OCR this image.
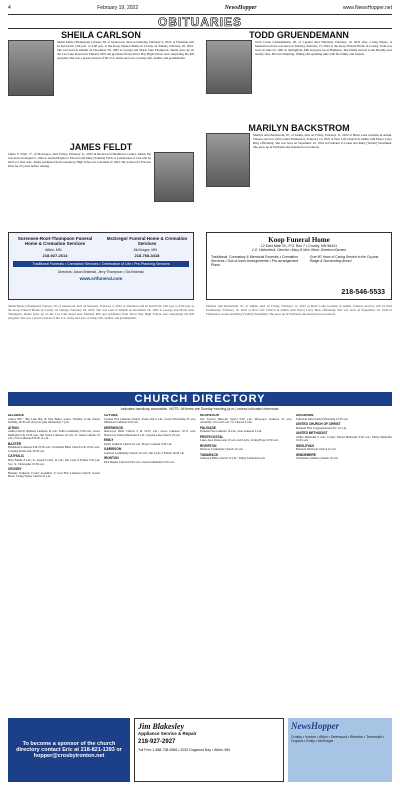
4	February 19, 2022	NewsHopper	www.NewsHopper.net
OBITUARIES
SHEILA CARLSON
Sheila Marie (Thompson) Carlson, 58, of Glenwood, died on Saturday, February 2, 2022. A Visitation will be held from 1:00 p.m. to 4:00 p.m. at the Koop Funeral Home in Crosby on Sunday, February 20, 2022. She was born in Duluth on December 29, 1963 to George and Marie June Thompson. Sheila grew up on the Lax Lake Road near Finland, MN and graduated from Silver Bay High School and completing the RN program. She was a proud veteran of the U.S. Army and was a loving wife, mother and grandmother.
TODD GRUENDEMANN
Todd Curtis Gruendemann, 60, of Cuyuna died Thursday, February 10, 2022 after a long illness. A Memorial service was held on Tuesday, February 15, 2022 at the Koop Funeral Home in Crosby. Todd was born on June 23, 1961 in Springfield, MN and grew up in Hampton. The family moved to the Hasting area shortly after. He loved hunting, fishing and spending time with his family and friends.
JAMES FELDT
James V. Feldt, 77, of McGregor, died Friday, February 11, 2022 in Riverwood Healthcare Center, Aitkin. He was born on August 5, 1944 to Gerald Rajala to Edward and Mary (Schultz) Feldt. A Celebration of Life will be held at a later date. James graduated from Greenway High School in Coleraine in 1962. He worked for Electric Data for 25 years before retiring.
MARILYN BACKSTROM
Marilyn Ann Backstrom, 87, of Aitkin, died on Friday, February 11, 2022 at Heart Lake Gardens in Aitkin. Funeral services will be held Wednesday, February 16, 2022 at New Life Church in Aitkin with Pastor Larry Berg officiating. She was born on September 16, 1934 in Faribault to Lenas and Ruby (Vollen) Strommen. She grew up in Faribault and attended local schools.
Sorensen-Root-Thompson Funeral Home & Cremation Services
McGregor Funeral Home & Cremation Services
Aitkin, MN	McGregor, MN
218-927-2614	218-768-3418
Traditional Funerals • Cremation Services • Celebration of Life • Pre-Planning Services
Directors: Jason Brizinski, Jerry Thompson • Sol Brizinski
www.srtfuneral.com
Koop Funeral Home
12 East Main St., P.O. Box 7 • Crosby, MN 56441
C.E. Hallenbeck, Director • Mary & Nick Oliver, Directors/Owners
Traditional, Crematory & Memorial Funerals • Cremation Services • Out-of-town Arrangements • Pre-arrangement Plans
Over 80 Years of Caring Service to the Cuyuna Range & Surrounding Areas!
218-546-5533
Sheila Marie (Thompson) Carlson, 58, of Glenwood, died on Saturday, February 2, 2022. A Visitation will be held from 1:00 p.m. to 4:00 p.m. at the Koop Funeral Home in Crosby on Sunday, February 20, 2022. She was born in Duluth on December 29, 1963 to George and Marie June Thompson. Sheila grew up on the Lax Lake Road near Finland, MN and graduated from Silver Bay High School and completing the RN program. She was a proud veteran of the U.S. Army and was a loving wife, mother and grandmother.
Marilyn Ann Backstrom, 87, of Aitkin, died on Friday, February 11, 2022 at Heart Lake Gardens in Aitkin. Funeral services will be held Wednesday, February 16, 2022 at New Life Church in Aitkin with Pastor Larry Berg officiating. She was born on September 16, 1934 in Faribault to Lenas and Ruby (Vollen) Strommen. She grew up in Faribault and attended local schools.
CHURCH DIRECTORY
Indicates handicap accessible. NOTE: All times are Sunday morning (a.m.) unless indicated otherwise.
ALLIANCE
Cherry Hill / Big Lake Bay & John Baker, pastor. Worship at the church building 10:30 a.m. & 6 p.m. plus Wednesday 7 p.m.
AITKIN
Aitkin Church: Bethany Lutheran 10 a.m.; Faith Community 9:30 a.m.; Grace Methodist 9 & 10:30 a.m.; Our Savior Lutheran 10 a.m.; St. James Catholic 10 a.m.; First Lutheran 8:30 & 11 a.m.
BAXTER
Bethlehem Lutheran 8 & 10:30 a.m.; Northland Bible Church 9 & 10:45 a.m.; Crossing Pointe 9 & 10:30 a.m.
CATHOLIC
Holy Family 8 a.m.; St. Joseph Crosby 10 a.m.; Our Lady of Fatima 5:30 p.m. Sat.; St. Christopher 10:30 a.m.
CROSBY
Bethany Lutheran; Crosby Assembly of God; First Lutheran Church; Sacred Heart; Living Waters Church 10 a.m.
CUYUNA
Cuyuna Free Lutheran Church, Pastor Jim 9 a.m.; Grace Fellowship 10 a.m.; Immanuel Lutheran 9:30 a.m.
DEERWOOD
Deerwood Bible Church 9 & 10:45 a.m.; Grace Lutheran 10:15 a.m.; Deerwood United Methodist 9 a.m.; Serpent Lake Church 10 a.m.
EMILY
Emily Lutheran Church 10 a.m.; Hope Covenant 9:30 a.m.
GARRISON
Garrison Community Church 10 a.m.; Our Lady of Fatima 10:30 a.m.
IRONTON
First Baptist Church 10:45 a.m.; Ironton Methodist 9:30 a.m.
MCGREGOR
Our Savior's Missouri Synod 9:30 a.m.; McGregor Lutheran 10 a.m.; Assembly of God 10 a.m.; St. Therese 8 a.m.
PALISADE
Palisade Free Lutheran 10 a.m.; Zion Lutheran 9 a.m.
PENTECOSTAL
Lakes Area Pentecostal 10 a.m. and 6 p.m.; Living Hope 10:30 a.m.
RIVERTON
Riverton Community Church 10 a.m.
TAMARACK
Tamarack Bible Church 10 a.m.; Trinity Lutheran 9 a.m.
UNITARIAN
Unitarian Universalist Fellowship 10:30 a.m.
UNITED CHURCH OF CHRIST
Brainerd First Congregational UCC 10 a.m.
UNITED METHODIST
Aitkin Methodist 9 a.m.; Crosby United Methodist 9:30 a.m.; Emily Methodist 10:45 a.m.
WESLEYAN
Brainerd Wesleyan Church 10 a.m.
WINDEMERE
Windemere Alliance Church 10 a.m.
To become a sponsor of the church directory contact Eric at 218-821-1393 or hopper@crosbyironton.net
Jim Blakesley
Appliance Service & Repair
218-927-2927
Toll Free 1-888-738-5556 • 2032 Dogwood Bay • Aitkin, MN
NewsHopper
Crosby • Ironton • Aitkin • Deerwood • Riverton • Trommald • Cuyuna • Emily • McGregor
